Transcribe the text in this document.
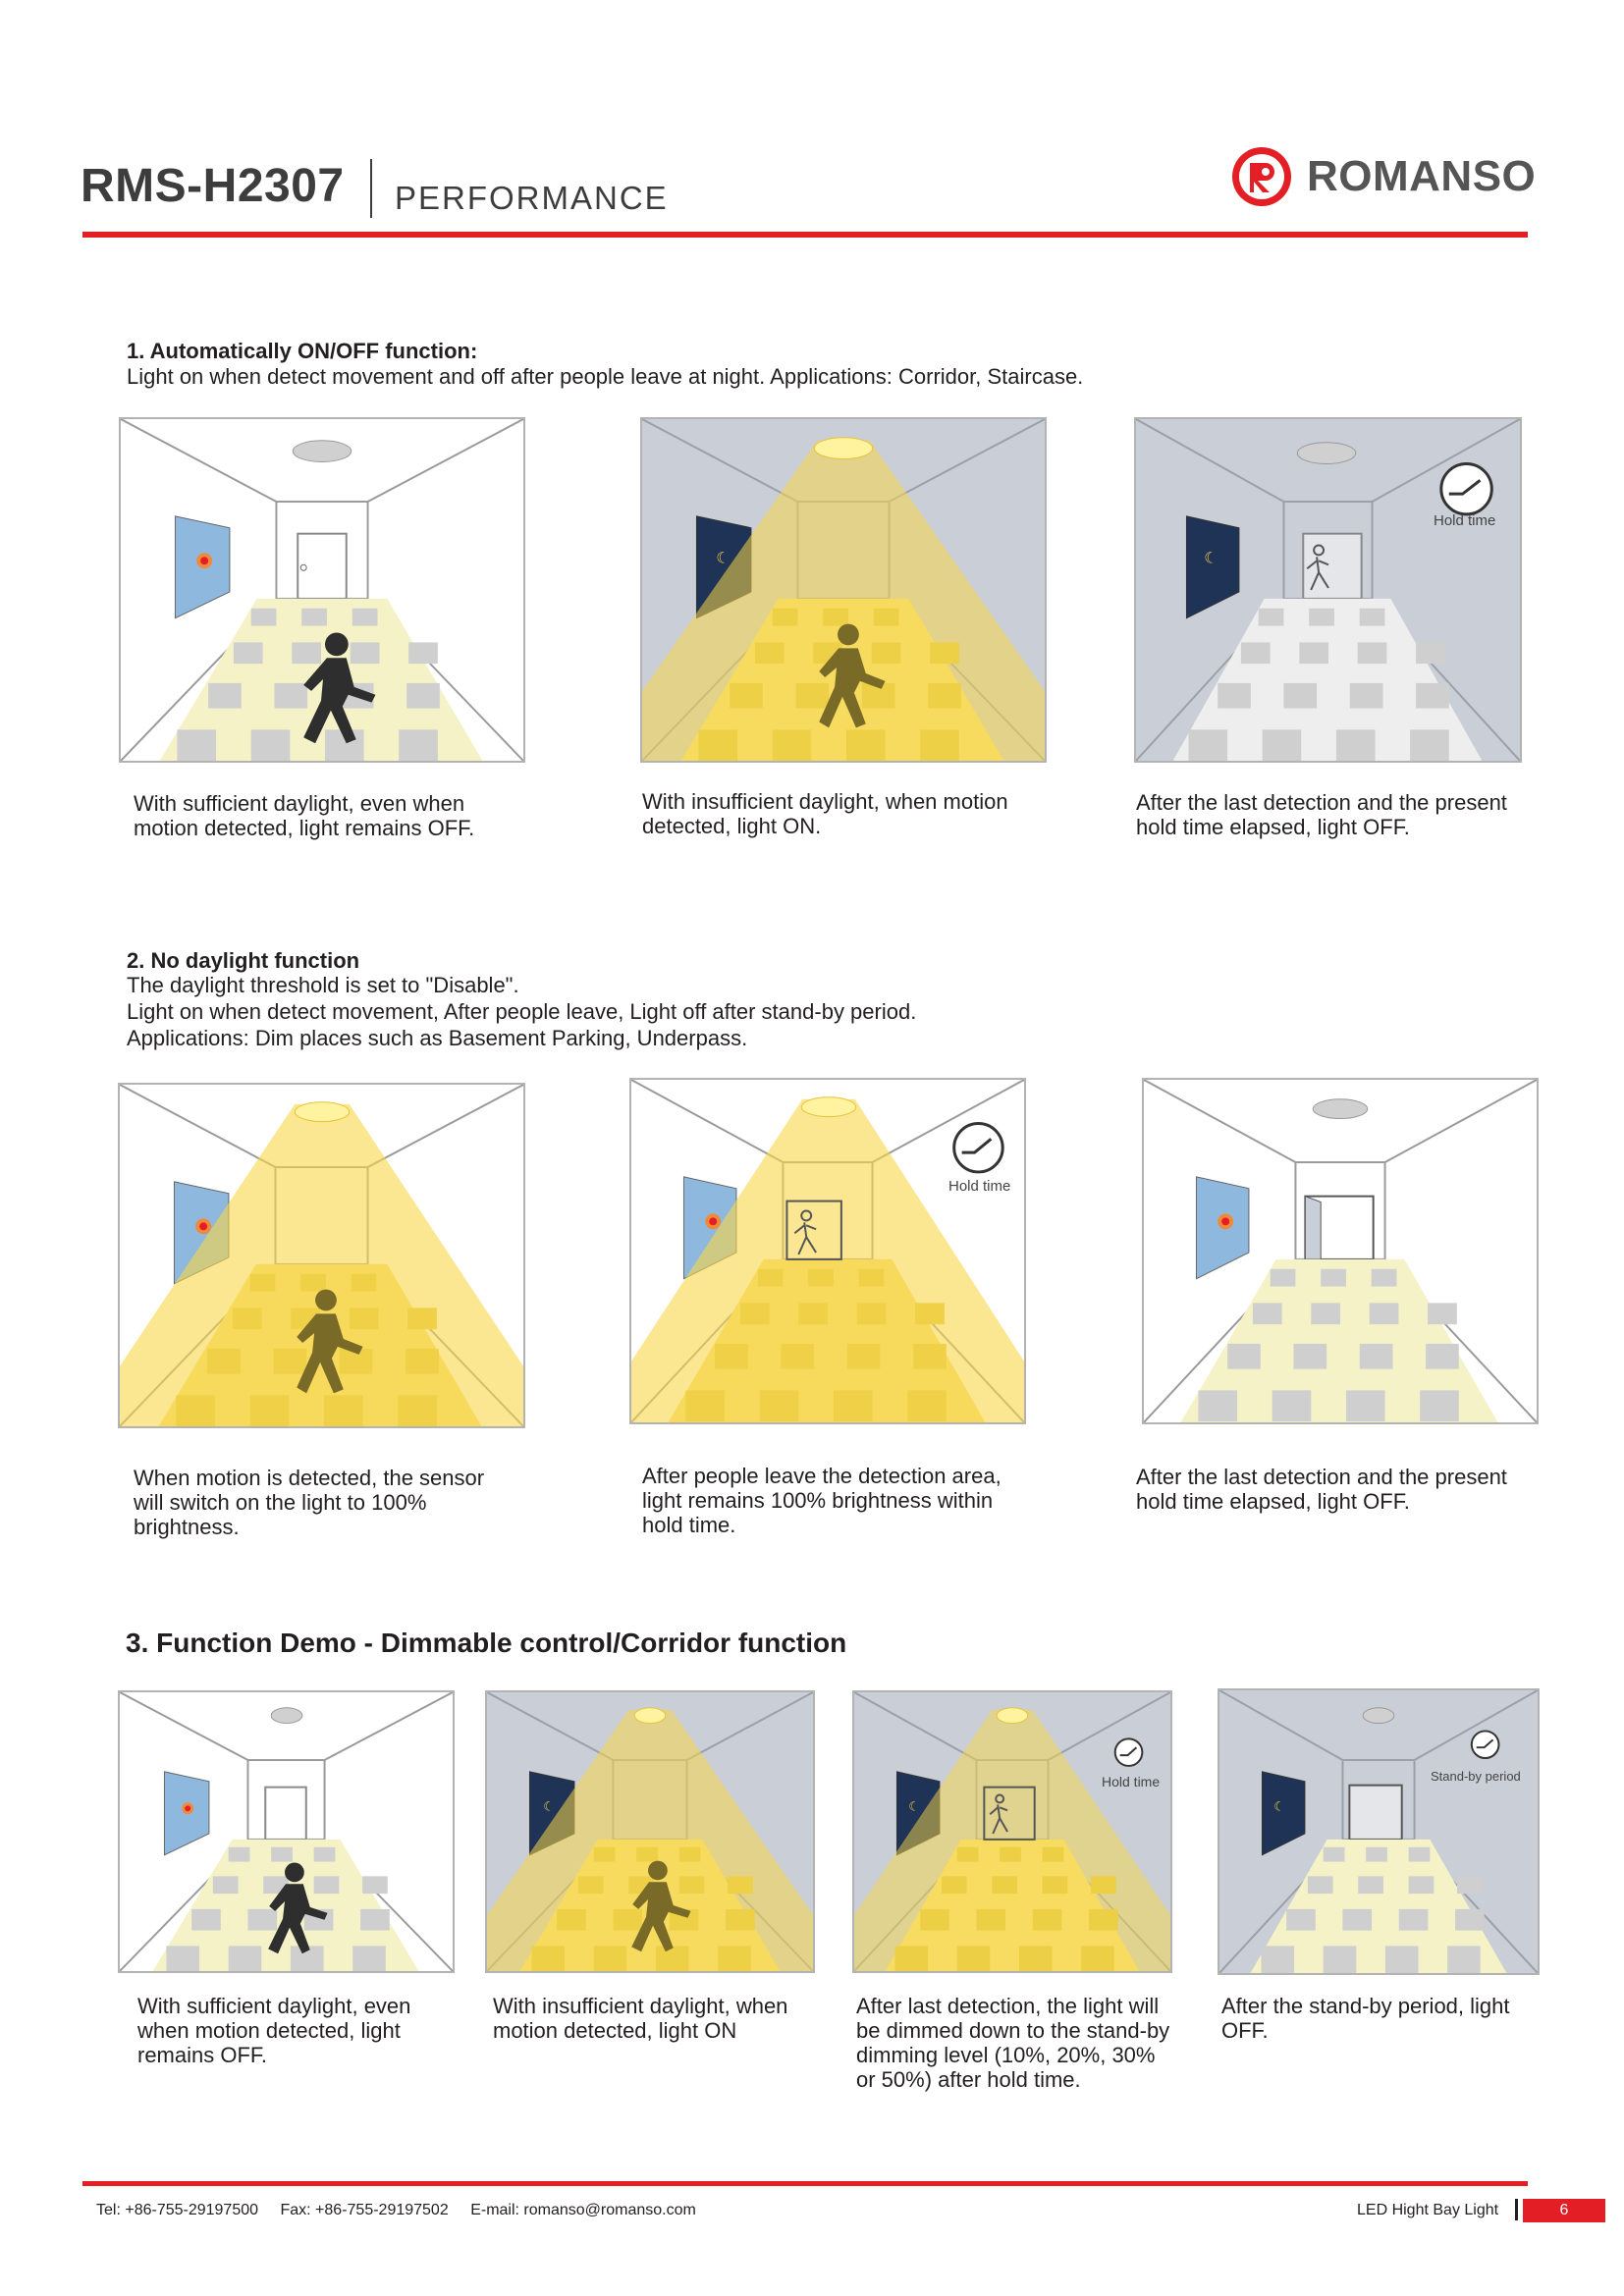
RMS-H2307 PERFORMANCE	ROMANSO
1. Automatically ON/OFF function:
Light on when detect movement and off after people leave at night. Applications: Corridor, Staircase.
☾	☾
Hold time
With sufficient daylight, even when
motion detected, light remains OFF.
With insufficient daylight, when motion
detected, light ON.
After the last detection and the present
hold time elapsed, light OFF.
2. No daylight function
The daylight threshold is set to "Disable".
Light on when detect movement, After people leave, Light off after stand-by period.
Applications: Dim places such as Basement Parking, Underpass.
Hold time
When motion is detected, the sensor
will switch on the light to 100%
brightness.
After people leave the detection area,
light remains 100% brightness within
hold time.
After the last detection and the present
hold time elapsed, light OFF.
3. Function Demo - Dimmable control/Corridor function
☾	☾
Hold time
☾
Stand-by period
With sufficient daylight, even
when motion detected, light
remains OFF.
With insufficient daylight, when
motion detected, light ON
After last detection, the light will
be dimmed down to the stand-by
dimming level (10%, 20%, 30%
or 50%) after hold time.
After the stand-by period, light
OFF.
Tel: +86-755-29197500 Fax: +86-755-29197502 E-mail: romanso@romanso.com	LED Hight Bay Light	6
